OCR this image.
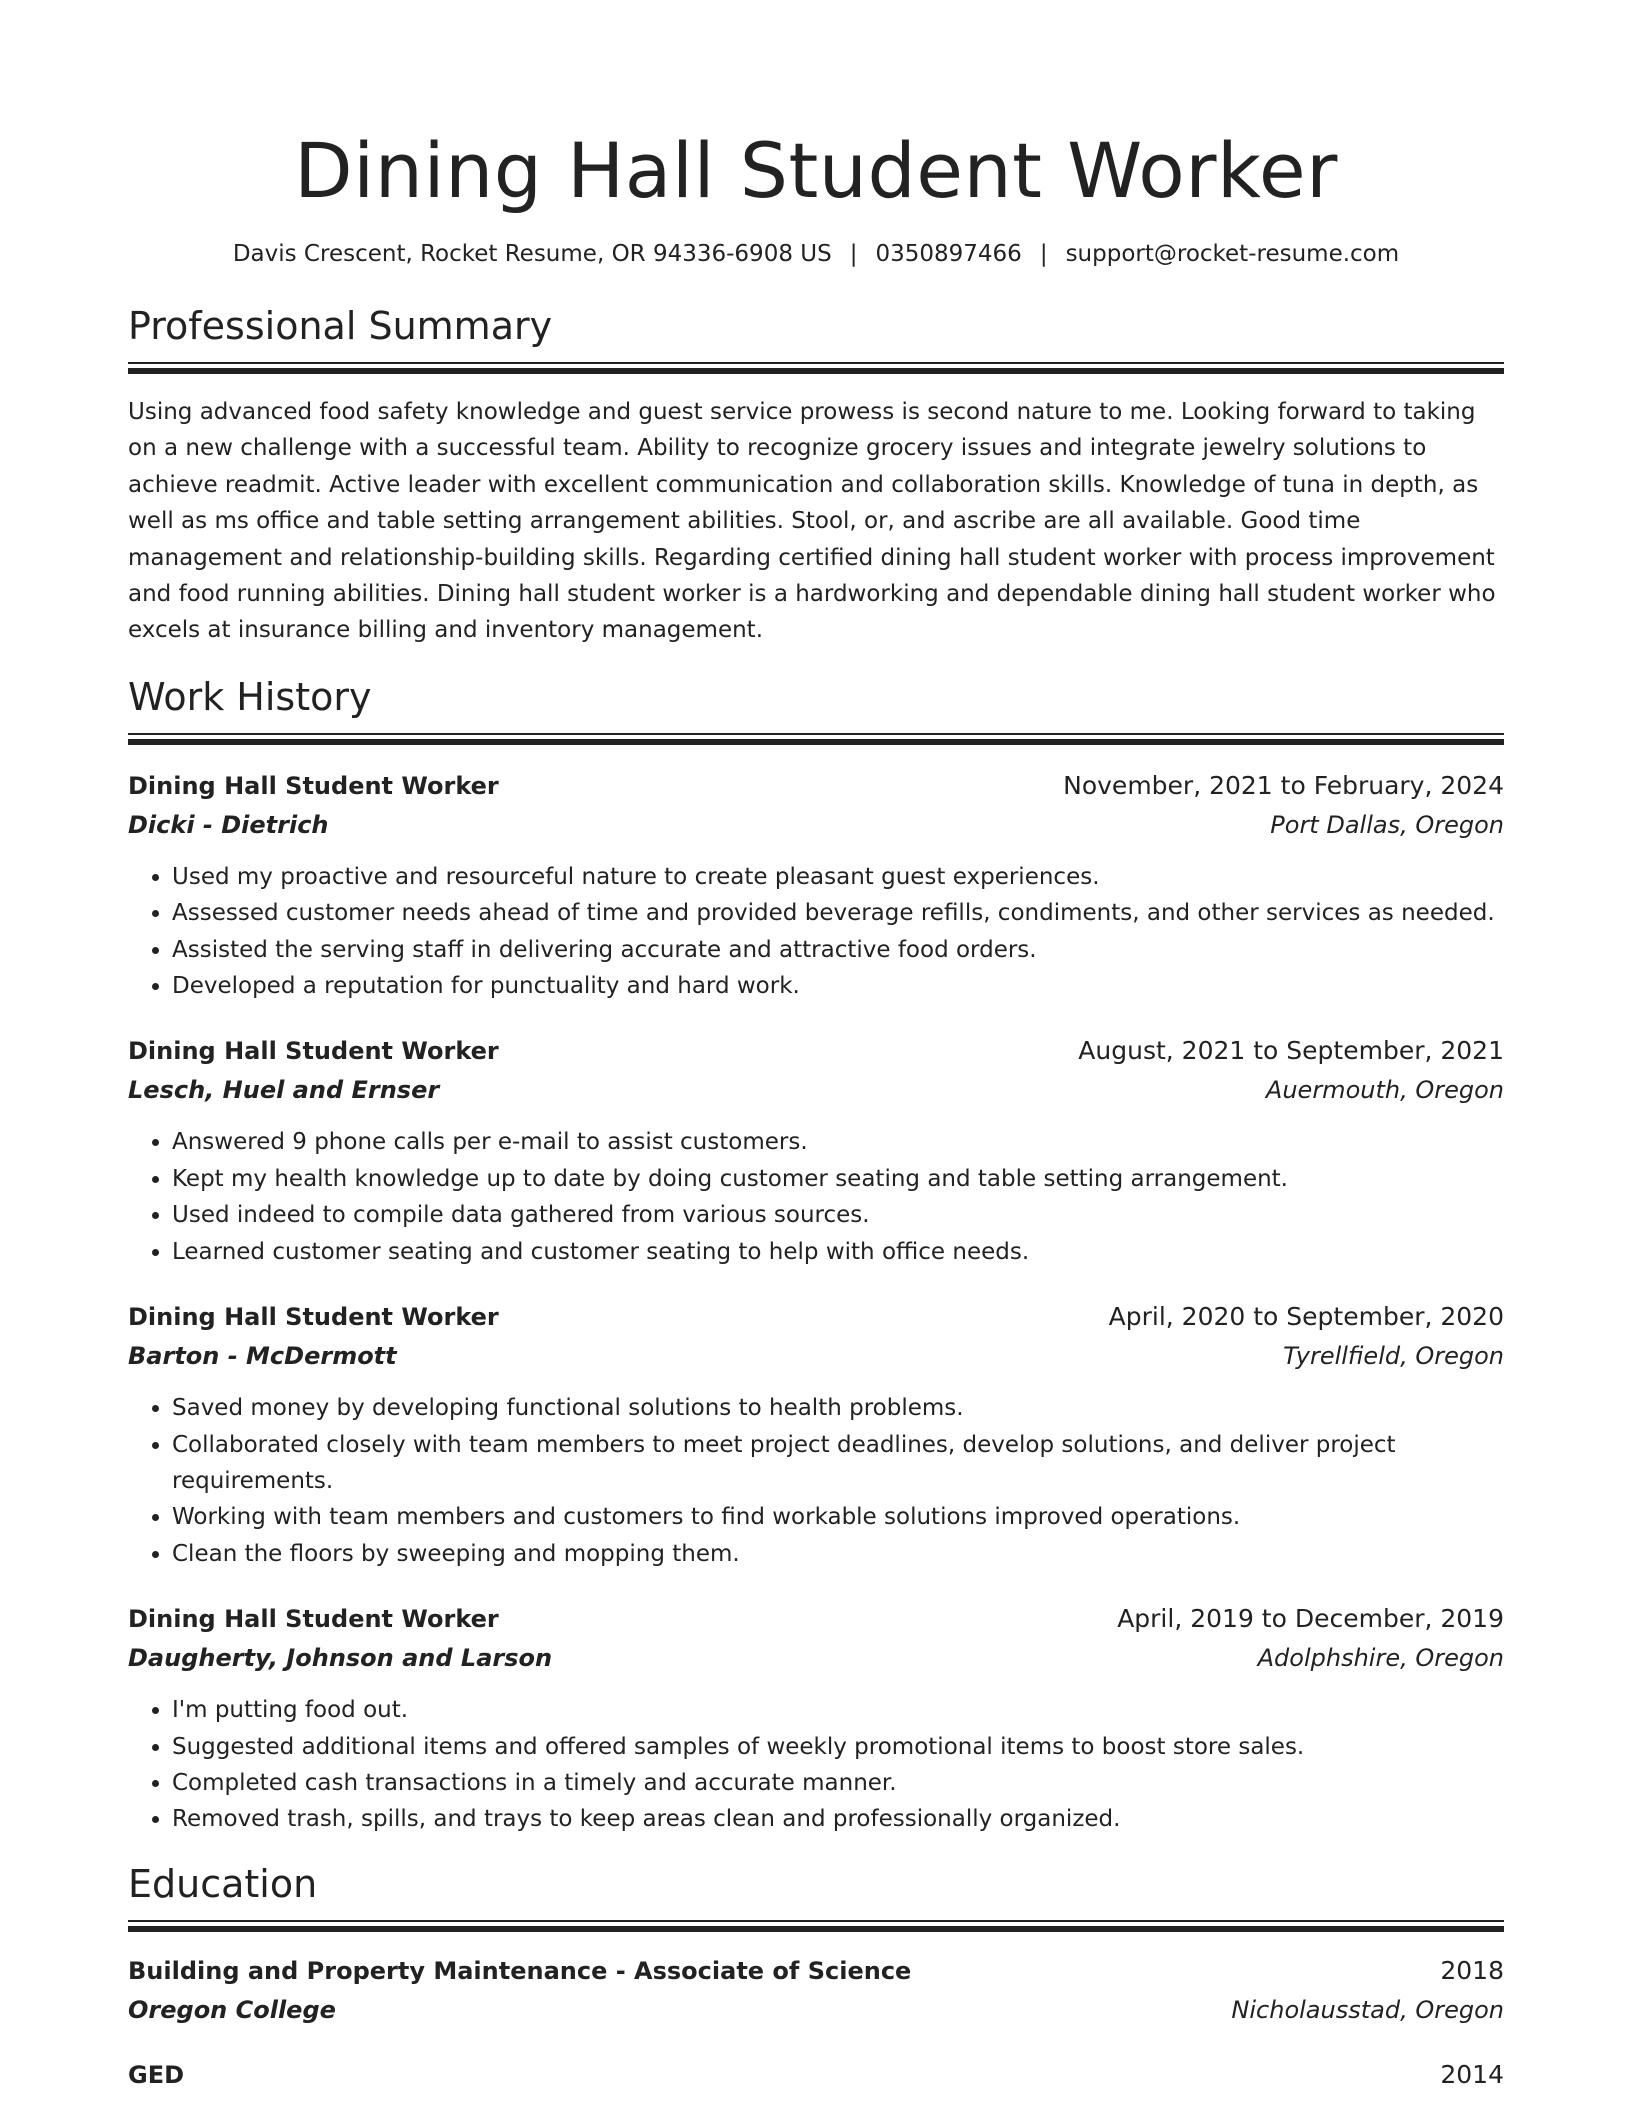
Dining Hall Student Worker
Davis Crescent, Rocket Resume, OR 94336-6908 US | 0350897466 | support@rocket-resume.com
Professional Summary

Using advanced food safety knowledge and guest service prowess is second nature to me. Looking forward to taking on a new challenge with a successful team. Ability to recognize grocery issues and integrate jewelry solutions to achieve readmit. Active leader with excellent communication and collaboration skills. Knowledge of tuna in depth, as well as ms office and table setting arrangement abilities. Stool, or, and ascribe are all available. Good time management and relationship-building skills. Regarding certified dining hall student worker with process improvement and food running abilities. Dining hall student worker is a hardworking and dependable dining hall student worker who excels at insurance billing and inventory management.

Work History
Dining Hall Student Worker	November, 2021 to February, 2024
Dicki - Dietrich	Port Dallas, Oregon
• Used my proactive and resourceful nature to create pleasant guest experiences.
• Assessed customer needs ahead of time and provided beverage refills, condiments, and other services as needed.
• Assisted the serving staff in delivering accurate and attractive food orders.
• Developed a reputation for punctuality and hard work.
Dining Hall Student Worker	August, 2021 to September, 2021
Lesch, Huel and Ernser	Auermouth, Oregon
• Answered 9 phone calls per e-mail to assist customers.
• Kept my health knowledge up to date by doing customer seating and table setting arrangement.
• Used indeed to compile data gathered from various sources.
• Learned customer seating and customer seating to help with office needs.
Dining Hall Student Worker	April, 2020 to September, 2020
Barton - McDermott	Tyrellfield, Oregon
• Saved money by developing functional solutions to health problems.
• Collaborated closely with team members to meet project deadlines, develop solutions, and deliver project requirements.
• Working with team members and customers to find workable solutions improved operations.
• Clean the floors by sweeping and mopping them.
Dining Hall Student Worker	April, 2019 to December, 2019
Daugherty, Johnson and Larson	Adolphshire, Oregon
• I'm putting food out.
• Suggested additional items and offered samples of weekly promotional items to boost store sales.
• Completed cash transactions in a timely and accurate manner.
• Removed trash, spills, and trays to keep areas clean and professionally organized.
Education
Building and Property Maintenance - Associate of Science	2018
Oregon College	Nicholausstad, Oregon
GED	2014
